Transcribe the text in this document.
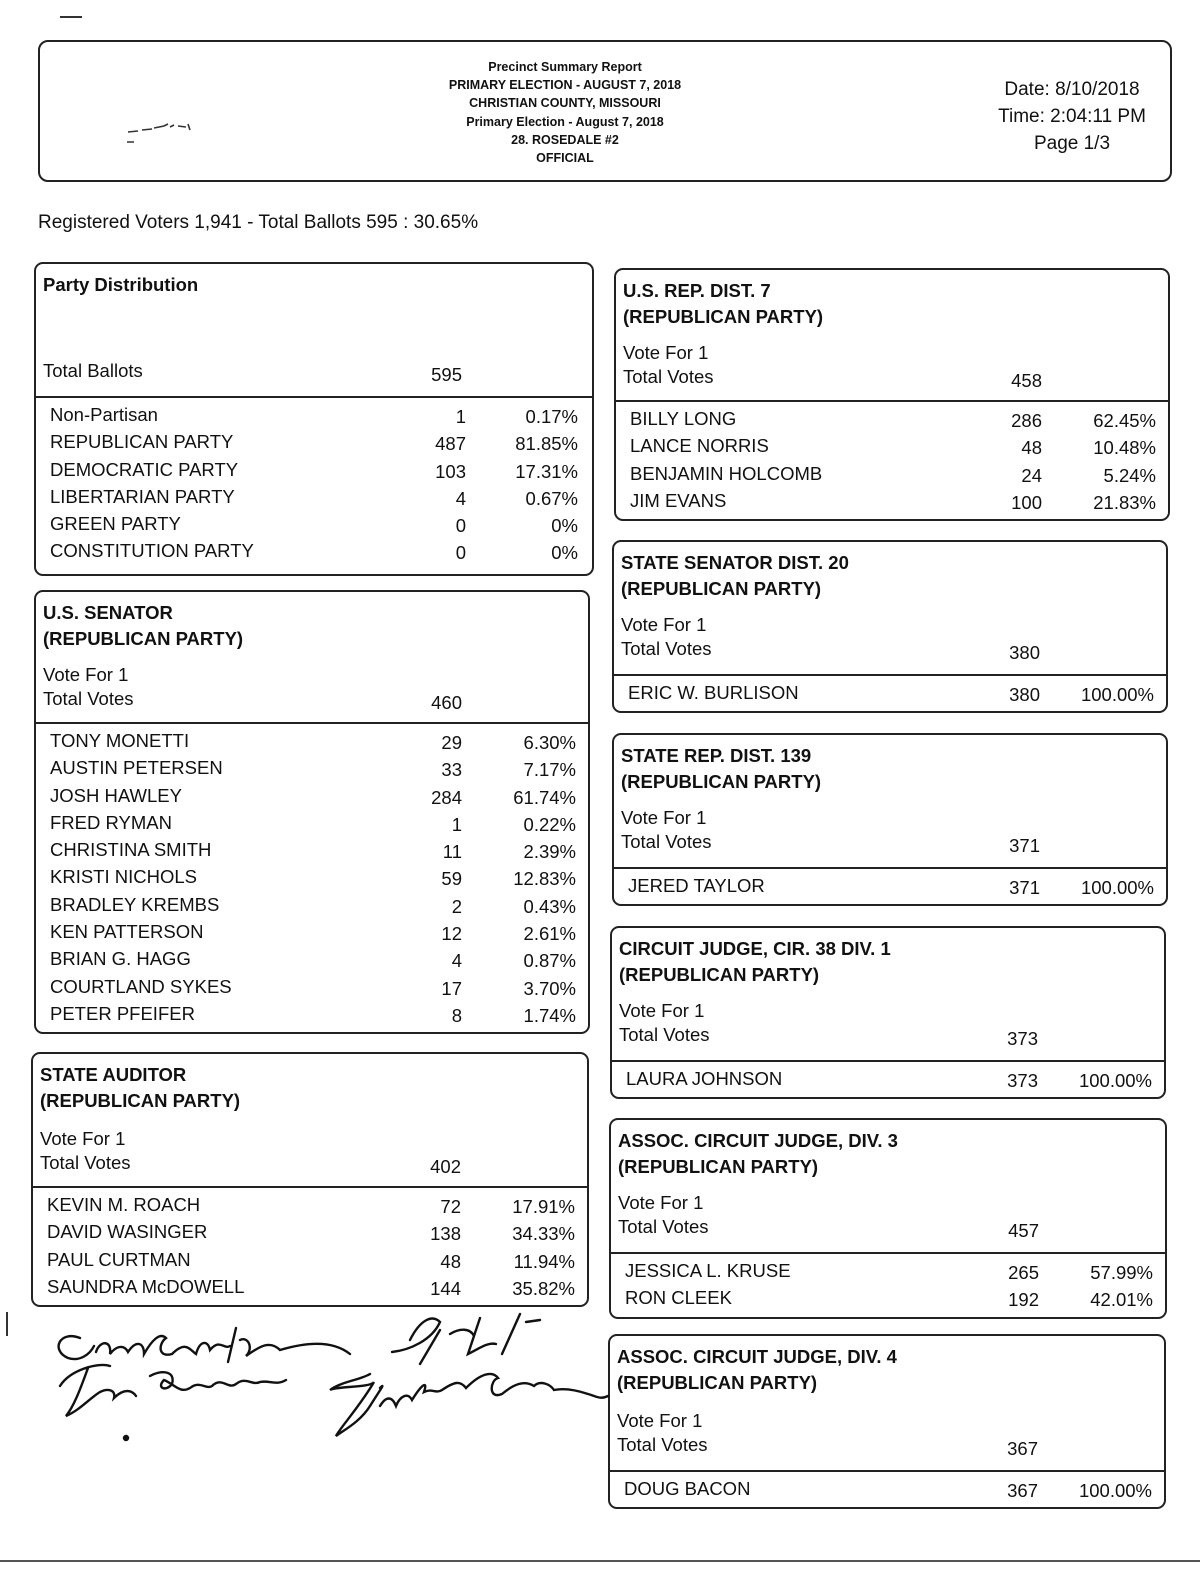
Precinct Summary Report
PRIMARY ELECTION - AUGUST 7, 2018
CHRISTIAN COUNTY, MISSOURI
Primary Election - August 7, 2018
28. ROSEDALE #2
OFFICIAL
Date: 8/10/2018
Time: 2:04:11 PM
Page 1/3
Registered Voters 1,941 - Total Ballots 595 : 30.65%
Party Distribution
Total Ballots	595
Non-Partisan	1	0.17%
REPUBLICAN PARTY	487	81.85%
DEMOCRATIC PARTY	103	17.31%
LIBERTARIAN PARTY	4	0.67%
GREEN PARTY	0	0%
CONSTITUTION PARTY	0	0%
U.S. SENATOR
(REPUBLICAN PARTY)
Vote For 1
Total Votes	460
TONY MONETTI	29	6.30%
AUSTIN PETERSEN	33	7.17%
JOSH HAWLEY	284	61.74%
FRED RYMAN	1	0.22%
CHRISTINA SMITH	11	2.39%
KRISTI NICHOLS	59	12.83%
BRADLEY KREMBS	2	0.43%
KEN PATTERSON	12	2.61%
BRIAN G. HAGG	4	0.87%
COURTLAND SYKES	17	3.70%
PETER PFEIFER	8	1.74%
STATE AUDITOR
(REPUBLICAN PARTY)
Vote For 1
Total Votes	402
KEVIN M. ROACH	72	17.91%
DAVID WASINGER	138	34.33%
PAUL CURTMAN	48	11.94%
SAUNDRA McDOWELL	144	35.82%
U.S. REP. DIST. 7
(REPUBLICAN PARTY)
Vote For 1
Total Votes	458
BILLY LONG	286	62.45%
LANCE NORRIS	48	10.48%
BENJAMIN HOLCOMB	24	5.24%
JIM EVANS	100	21.83%
STATE SENATOR DIST. 20
(REPUBLICAN PARTY)
Vote For 1
Total Votes	380
ERIC W. BURLISON	380	100.00%
STATE REP. DIST. 139
(REPUBLICAN PARTY)
Vote For 1
Total Votes	371
JERED TAYLOR	371	100.00%
CIRCUIT JUDGE, CIR. 38 DIV. 1
(REPUBLICAN PARTY)
Vote For 1
Total Votes	373
LAURA JOHNSON	373	100.00%
ASSOC. CIRCUIT JUDGE, DIV. 3
(REPUBLICAN PARTY)
Vote For 1
Total Votes	457
JESSICA L. KRUSE	265	57.99%
RON CLEEK	192	42.01%
ASSOC. CIRCUIT JUDGE, DIV. 4
(REPUBLICAN PARTY)
Vote For 1
Total Votes	367
DOUG BACON	367	100.00%
